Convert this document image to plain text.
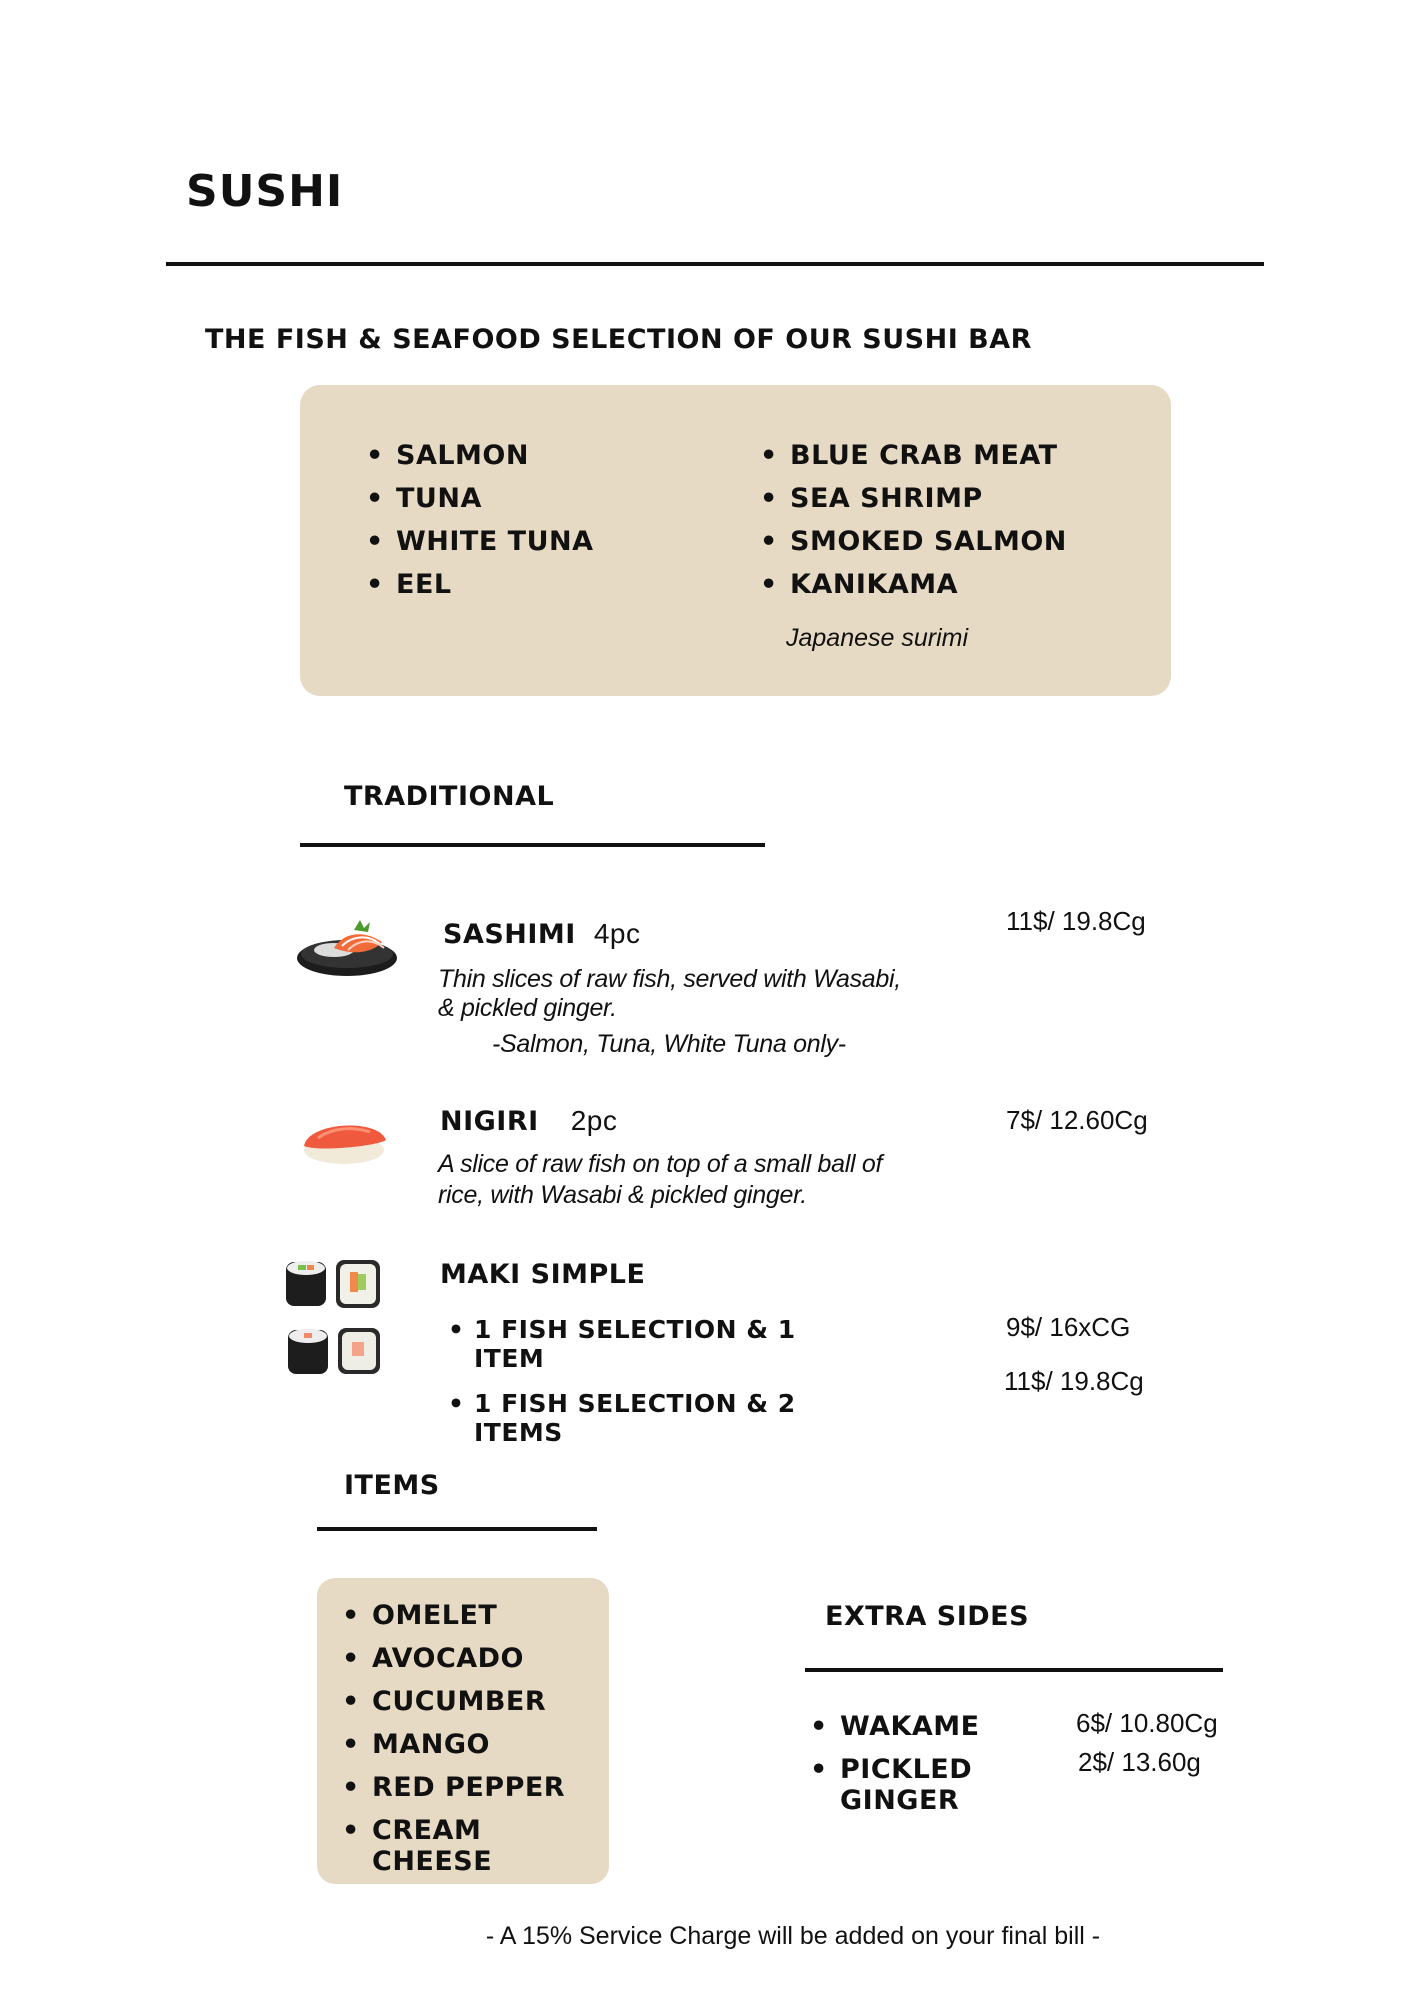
SUSHI
THE FISH & SEAFOOD SELECTION OF OUR SUSHI BAR
• SALMON
• TUNA
• WHITE TUNA
• EEL
• BLUE CRAB MEAT
• SEA SHRIMP
• SMOKED SALMON
• KANIKAMA
Japanese surimi
TRADITIONAL
SASHIMI 4pc	11$/ 19.8Cg
Thin slices of raw fish, served with Wasabi,
& pickled ginger.
-Salmon, Tuna, White Tuna only-
NIGIRI 2pc	7$/ 12.60Cg
A slice of raw fish on top of a small ball of
rice, with Wasabi & pickled ginger.
MAKI SIMPLE
• 1 FISH SELECTION & 1 ITEM
• 1 FISH SELECTION & 2 ITEMS
9$/ 16xCG
11$/ 19.8Cg
ITEMS
• OMELET
• AVOCADO
• CUCUMBER
• MANGO
• RED PEPPER
• CREAM CHEESE
EXTRA SIDES
• WAKAME
• PICKLED GINGER
6$/ 10.80Cg
2$/ 13.60g
- A 15% Service Charge will be added on your final bill -
